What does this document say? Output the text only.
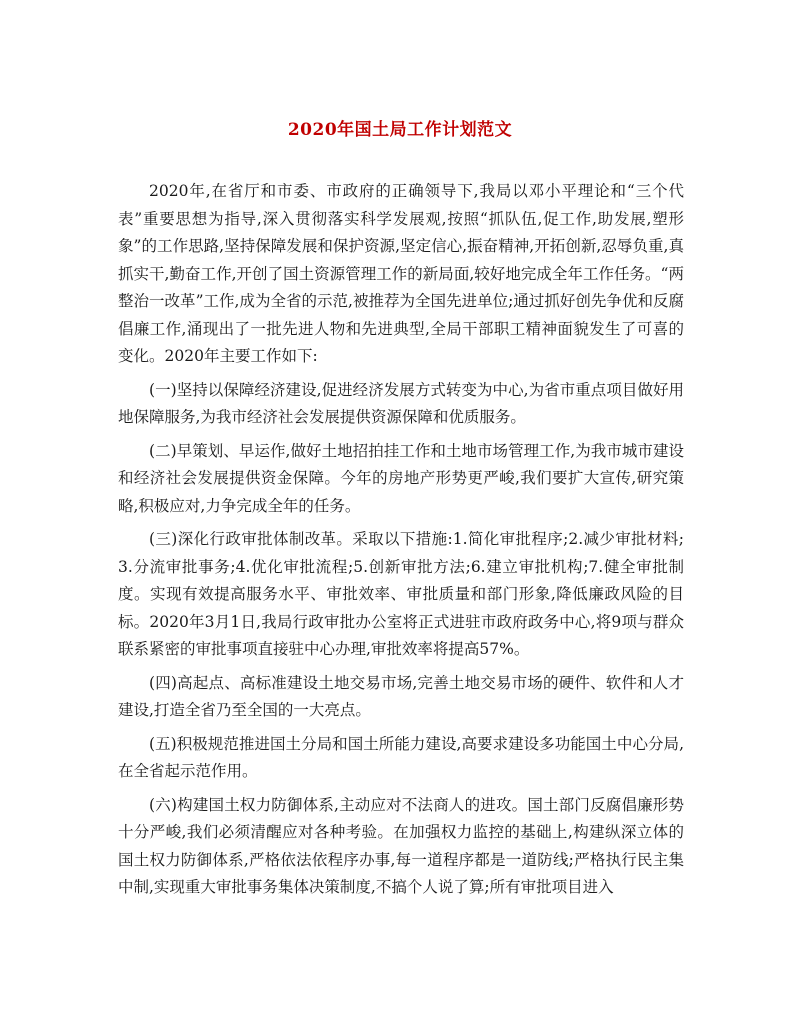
2020年国土局工作计划范文

2020年,在省厅和市委、市政府的正确领导下,我局以邓小平理论和“三个代表”重要思想为指导,深入贯彻落实科学发展观,按照“抓队伍,促工作,助发展,塑形象”的工作思路,坚持保障发展和保护资源,坚定信心,振奋精神,开拓创新,忍辱负重,真抓实干,勤奋工作,开创了国土资源管理工作的新局面,较好地完成全年工作任务。“两整治一改革”工作,成为全省的示范,被推荐为全国先进单位;通过抓好创先争优和反腐倡廉工作,涌现出了一批先进人物和先进典型,全局干部职工精神面貌发生了可喜的变化。2020年主要工作如下:

(一)坚持以保障经济建设,促进经济发展方式转变为中心,为省市重点项目做好用地保障服务,为我市经济社会发展提供资源保障和优质服务。

(二)早策划、早运作,做好土地招拍挂工作和土地市场管理工作,为我市城市建设和经济社会发展提供资金保障。今年的房地产形势更严峻,我们要扩大宣传,研究策略,积极应对,力争完成全年的任务。

(三)深化行政审批体制改革。采取以下措施:1.简化审批程序;2.减少审批材料;3.分流审批事务;4.优化审批流程;5.创新审批方法;6.建立审批机构;7.健全审批制度。实现有效提高服务水平、审批效率、审批质量和部门形象,降低廉政风险的目标。2020年3月1日,我局行政审批办公室将正式进驻市政府政务中心,将9项与群众联系紧密的审批事项直接驻中心办理,审批效率将提高57%。

(四)高起点、高标准建设土地交易市场,完善土地交易市场的硬件、软件和人才建设,打造全省乃至全国的一大亮点。

(五)积极规范推进国土分局和国土所能力建设,高要求建设多功能国土中心分局,在全省起示范作用。

(六)构建国土权力防御体系,主动应对不法商人的进攻。国土部门反腐倡廉形势十分严峻,我们必须清醒应对各种考验。在加强权力监控的基础上,构建纵深立体的国土权力防御体系,严格依法依程序办事,每一道程序都是一道防线;严格执行民主集中制,实现重大审批事务集体决策制度,不搞个人说了算;所有审批项目进入
